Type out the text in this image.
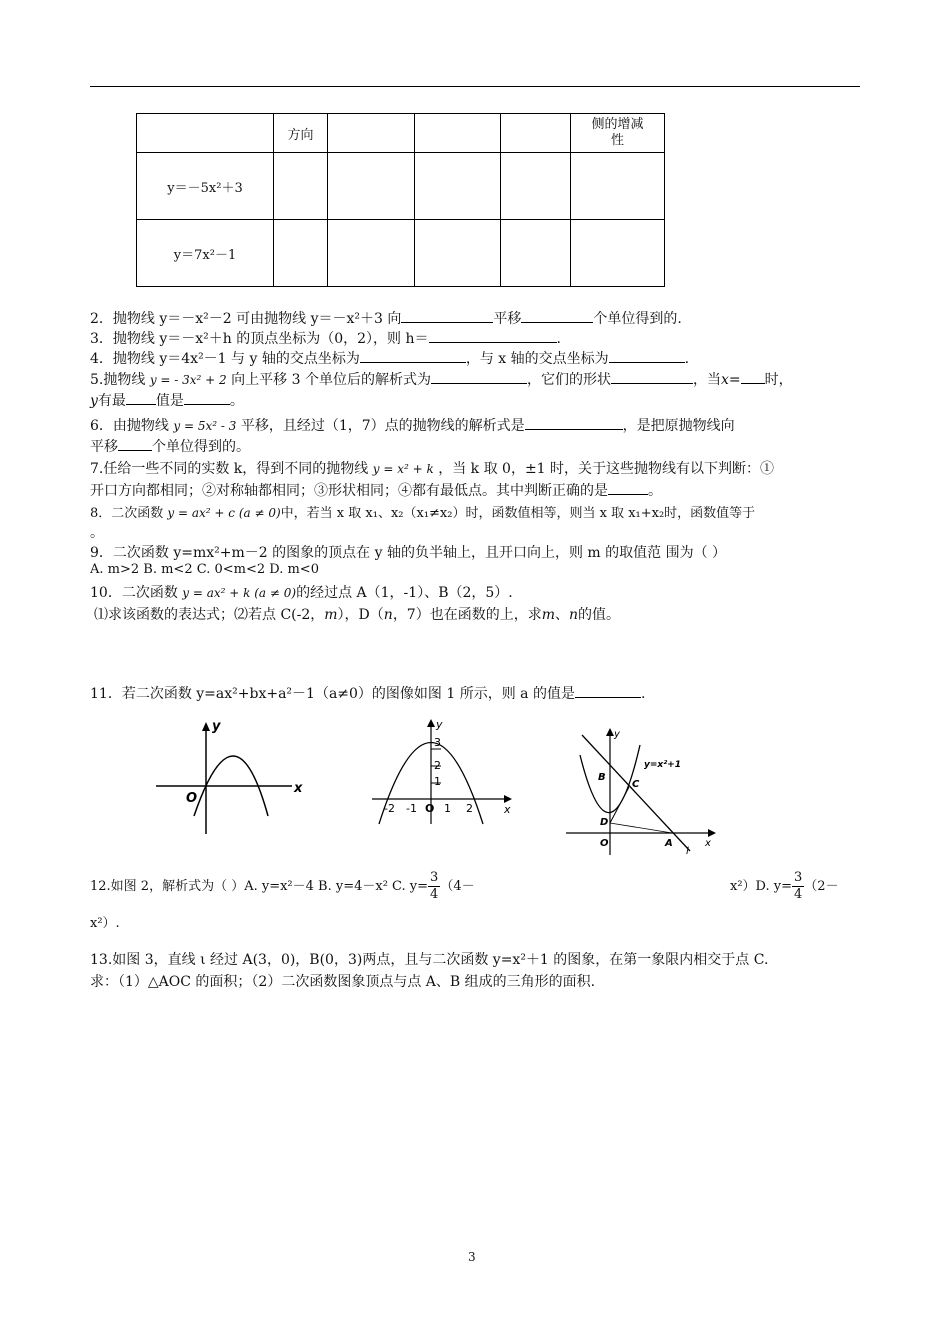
	方向				侧的增减性
y＝－5x²＋3					
y＝7x²－1					
2．抛物线 y＝－x²－2 可由抛物线 y＝－x²＋3 向	平移	个单位得到的.
3．抛物线 y＝－x²＋h 的顶点坐标为（0，2），则 h＝	.
4．抛物线 y＝4x²－1 与 y 轴的交点坐标为	，与 x 轴的交点坐标为	.
5.抛物线 y = - 3x² + 2 向上平移 3 个单位后的解析式为	，它们的形状	，当x= 时，
y有最 值是	。
6．由抛物线 y = 5x² - 3 平移，且经过（1，7）点的抛物线的解析式是	，是把原抛物线向
平移 个单位得到的。
7.任给一些不同的实数 k，得到不同的抛物线 y = x² + k ，当 k 取 0，±1 时，关于这些抛物线有以下判断：①
开口方向都相同；②对称轴都相同；③形状相同；④都有最低点。其中判断正确的是	。
8．二次函数 y = ax² + c (a ≠ 0)中，若当 x 取 x₁、x₂（x₁≠x₂）时，函数值相等，则当 x 取 x₁+x₂时，函数值等于
。
9．二次函数 y=mx²+m－2 的图象的顶点在 y 轴的负半轴上，且开口向上，则 m 的取值范 围为（ ）
A. m>2 B. m<2 C. 0<m<2 D. m<0
10．二次函数 y = ax² + k (a ≠ 0)的经过点 A（1，-1）、B（2，5）.
⑴求该函数的表达式；⑵若点 C(-2，m），D（n，7）也在函数的上，求m、n的值。
11．若二次函数 y=ax²+bx+a²－1（a≠0）的图像如图 1 所示，则 a 的值是	.
y
x
O
3
2
1
-2 -1 1 2
O
y
x
y
y=x²+1
B
C
D
O	A
l
x
12.如图 2，解析式为（ ）A. y=x²－4 B. y=4－x² C. $y= \frac{3}{4} (4-$	x²）D. $y= \frac{3}{4} (2-$
x²）.
13.如图 3，直线 ι 经过 A(3，0)，B(0，3)两点，且与二次函数 y=x²＋1 的图象，在第一象限内相交于点 C.
求：（1）△AOC 的面积；（2）二次函数图象顶点与点 A、B 组成的三角形的面积.
3
